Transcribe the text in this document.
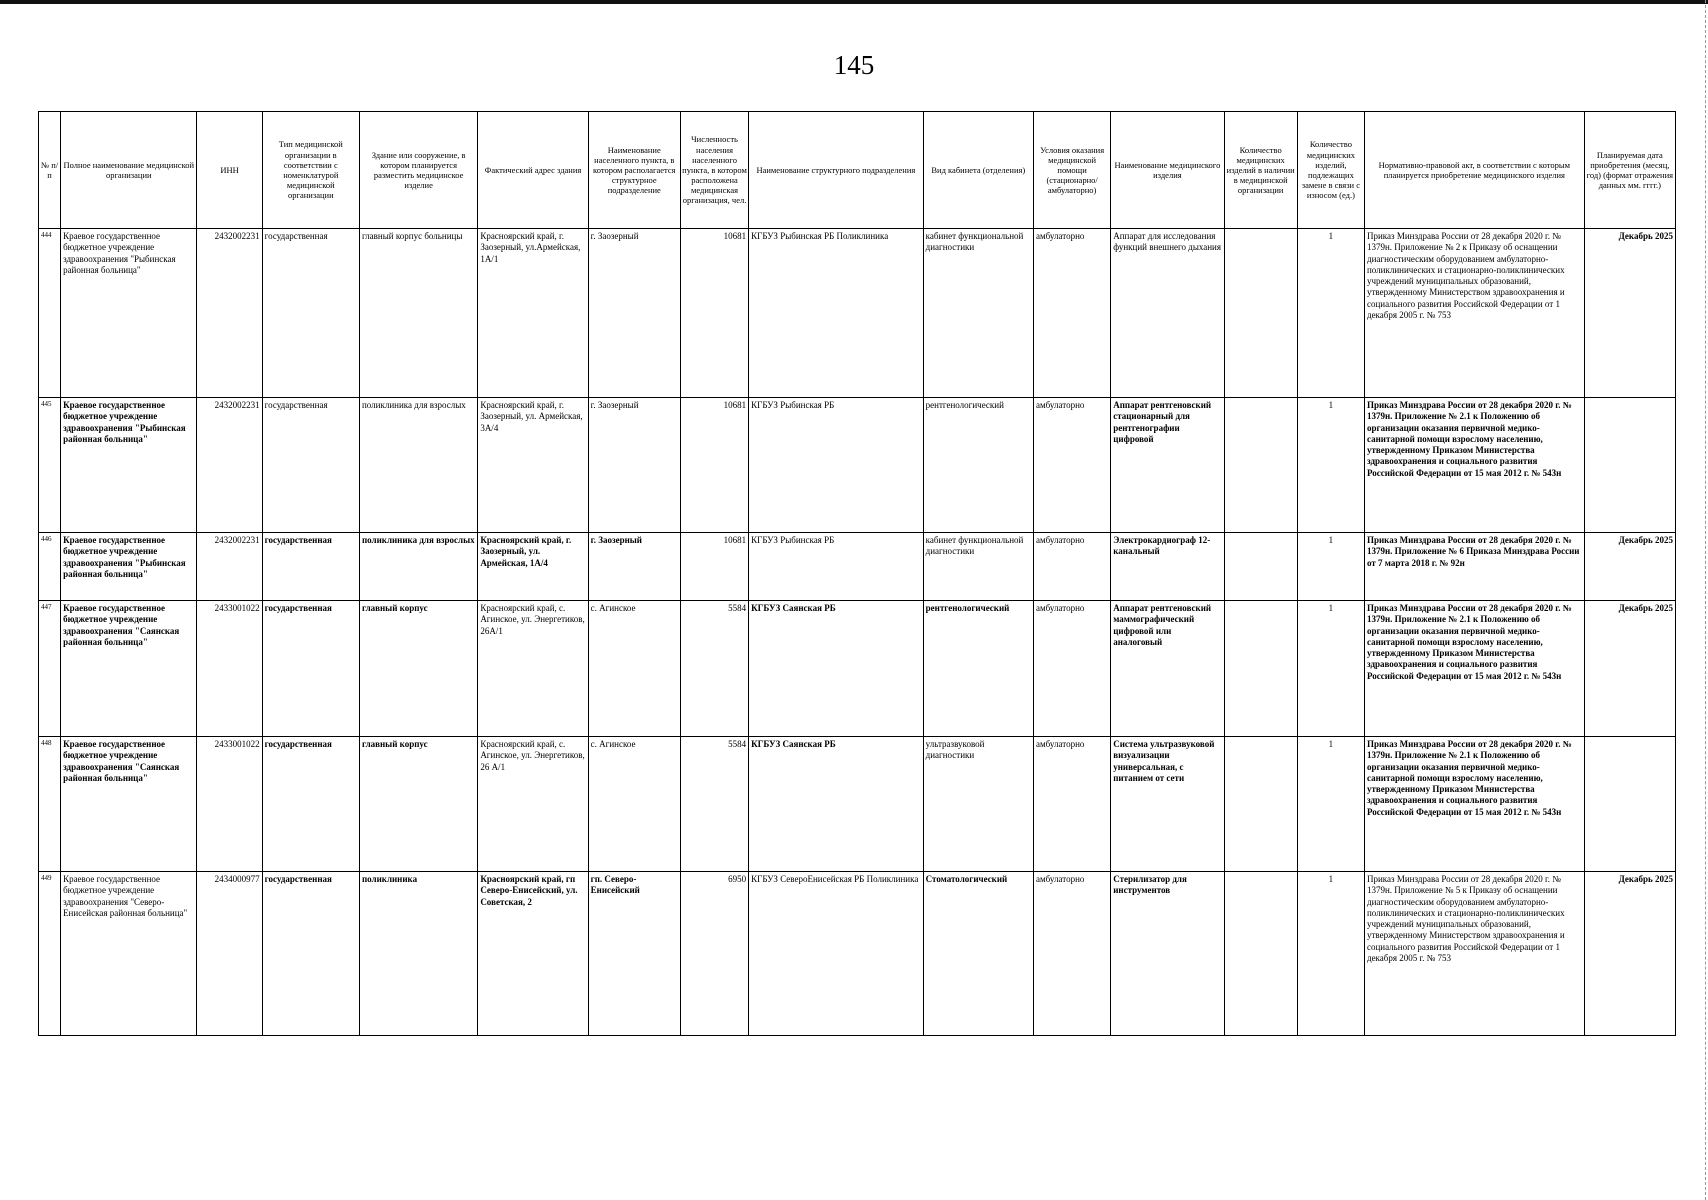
145
№ п/п	Полное наименование медицинской организации	ИНН	Тип медицинской организации в соответствии с номенклатурой медицинской организации	Здание или сооружение, в котором планируется разместить медицинское изделие	Фактический адрес здания	Наименование населенного пункта, в котором располагается структурное подразделение	Численность населения населенного пункта, в котором расположена медицинская организация, чел.	Наименование структурного подразделения	Вид кабинета (отделения)	Условия оказания медицинской помощи (стационарно/амбулаторно)	Наименование медицинского изделия	Количество медицинских изделий в наличии в медицинской организации	Количество медицинских изделий, подлежащих замене в связи с износом (ед.)	Нормативно-правовой акт, в соответствии с которым планируется приобретение медицинского изделия	Планируемая дата приобретения (месяц, год) (формат отражения данных мм. гггг.)
444	Краевое государственное бюджетное учреждение здравоохранения "Рыбинская районная больница"	2432002231	государственная	главный корпус больницы	Красноярский край, г. Заозерный, ул.Армейская, 1А/1	г. Заозерный	10681	КГБУЗ Рыбинская РБ Поликлиника	кабинет функциональной диагностики	амбулаторно	Аппарат для исследования функций внешнего дыхания		1	Приказ Минздрава России от 28 декабря 2020 г. № 1379н. Приложение № 2 к Приказу об оснащении диагностическим оборудованием амбулаторно-поликлинических и стационарно-поликлинических учреждений муниципальных образований, утвержденному Министерством здравоохранения и социального развития Российской Федерации от 1 декабря 2005 г. № 753	Декабрь 2025
445	Краевое государственное бюджетное учреждение здравоохранения "Рыбинская районная больница"	2432002231	государственная	поликлиника для взрослых	Красноярский край, г. Заозерный, ул. Армейская, 3А/4	г. Заозерный	10681	КГБУЗ Рыбинская РБ	рентгенологический	амбулаторно	Аппарат рентгеновский стационарный для рентгенографии цифровой		1	Приказ Минздрава России от 28 декабря 2020 г. № 1379н. Приложение № 2.1 к Положению об организации оказания первичной медико-санитарной помощи взрослому населению, утвержденному Приказом Министерства здравоохранения и социального развития Российской Федерации от 15 мая 2012 г. № 543н	
446	Краевое государственное бюджетное учреждение здравоохранения "Рыбинская районная больница"	2432002231	государственная	поликлиника для взрослых	Красноярский край, г. Заозерный, ул. Армейская, 1А/4	г. Заозерный	10681	КГБУЗ Рыбинская РБ	кабинет функциональной диагностики	амбулаторно	Электрокардиограф 12-канальный		1	Приказ Минздрава России от 28 декабря 2020 г. № 1379н. Приложение № 6 Приказа Минздрава России от 7 марта 2018 г. № 92н	Декабрь 2025
447	Краевое государственное бюджетное учреждение здравоохранения "Саянская районная больница"	2433001022	государственная	главный корпус	Красноярский край, с. Агинское, ул. Энергетиков, 26А/1	с. Агинское	5584	КГБУЗ Саянская РБ	рентгенологический	амбулаторно	Аппарат рентгеновский маммографический цифровой или аналоговый		1	Приказ Минздрава России от 28 декабря 2020 г. № 1379н. Приложение № 2.1 к Положению об организации оказания первичной медико-санитарной помощи взрослому населению, утвержденному Приказом Министерства здравоохранения и социального развития Российской Федерации от 15 мая 2012 г. № 543н	Декабрь 2025
448	Краевое государственное бюджетное учреждение здравоохранения "Саянская районная больница"	2433001022	государственная	главный корпус	Красноярский край, с. Агинское, ул. Энергетиков, 26 А/1	с. Агинское	5584	КГБУЗ Саянская РБ	ультразвуковой диагностики	амбулаторно	Система ультразвуковой визуализации универсальная, с питанием от сети		1	Приказ Минздрава России от 28 декабря 2020 г. № 1379н. Приложение № 2.1 к Положению об организации оказания первичной медико-санитарной помощи взрослому населению, утвержденному Приказом Министерства здравоохранения и социального развития Российской Федерации от 15 мая 2012 г. № 543н	
449	Краевое государственное бюджетное учреждение здравоохранения "Северо-Енисейская районная больница"	2434000977	государственная	поликлиника	Красноярский край, гп Северо-Енисейский, ул. Советская, 2	гп. Северо-Енисейский	6950	КГБУЗ СевероЕнисейская РБ Поликлиника	Стоматологический	амбулаторно	Стерилизатор для инструментов		1	Приказ Минздрава России от 28 декабря 2020 г. № 1379н. Приложение № 5 к Приказу об оснащении диагностическим оборудованием амбулаторно-поликлинических и стационарно-поликлинических учреждений муниципальных образований, утвержденному Министерством здравоохранения и социального развития Российской Федерации от 1 декабря 2005 г. № 753	Декабрь 2025
